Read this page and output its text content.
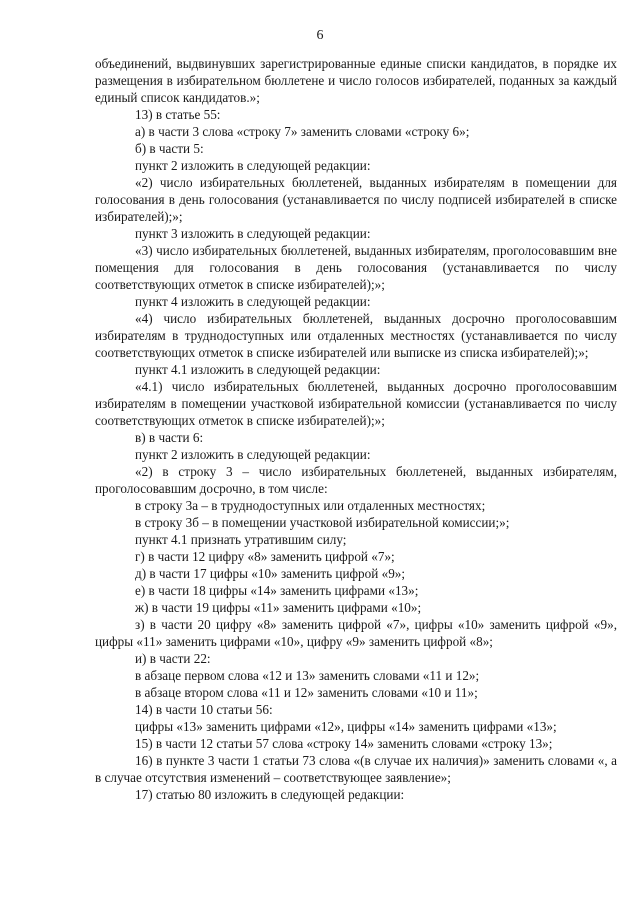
6

объединений, выдвинувших зарегистрированные единые списки кандидатов, в порядке их размещения в избирательном бюллетене и число голосов избирателей, поданных за каждый единый список кандидатов.»;

13) в статье 55:

а) в части 3 слова «строку 7» заменить словами «строку 6»;

б) в части 5:

пункт 2 изложить в следующей редакции:

«2) число избирательных бюллетеней, выданных избирателям в помещении для голосования в день голосования (устанавливается по числу подписей избирателей в списке избирателей);»;

пункт 3 изложить в следующей редакции:

«3) число избирательных бюллетеней, выданных избирателям, проголосовавшим вне помещения для голосования в день голосования (устанавливается по числу соответствующих отметок в списке избирателей);»;

пункт 4 изложить в следующей редакции:

«4) число избирательных бюллетеней, выданных досрочно проголосовавшим избирателям в труднодоступных или отдаленных местностях (устанавливается по числу соответствующих отметок в списке избирателей или выписке из списка избирателей);»;

пункт 4.1 изложить в следующей редакции:

«4.1) число избирательных бюллетеней, выданных досрочно проголосовавшим избирателям в помещении участковой избирательной комиссии (устанавливается по числу соответствующих отметок в списке избирателей);»;

в) в части 6:

пункт 2 изложить в следующей редакции:

«2) в строку 3 – число избирательных бюллетеней, выданных избирателям, проголосовавшим досрочно, в том числе:

в строку 3а – в труднодоступных или отдаленных местностях;

в строку 3б – в помещении участковой избирательной комиссии;»;

пункт 4.1 признать утратившим силу;

г) в части 12 цифру «8» заменить цифрой «7»;

д) в части 17 цифры «10» заменить цифрой «9»;

е) в части 18 цифры «14» заменить цифрами «13»;

ж) в части 19 цифры «11» заменить цифрами «10»;

з) в части 20 цифру «8» заменить цифрой «7», цифры «10» заменить цифрой «9», цифры «11» заменить цифрами «10», цифру «9» заменить цифрой «8»;

и) в части 22:

в абзаце первом слова «12 и 13» заменить словами «11 и 12»;

в абзаце втором слова «11 и 12» заменить словами «10 и 11»;

14) в части 10 статьи 56:

цифры «13» заменить цифрами «12», цифры «14» заменить цифрами «13»;

15) в части 12 статьи 57 слова «строку 14» заменить словами «строку 13»;

16) в пункте 3 части 1 статьи 73 слова «(в случае их наличия)» заменить словами «, а в случае отсутствия изменений – соответствующее заявление»;

17) статью 80 изложить в следующей редакции:
